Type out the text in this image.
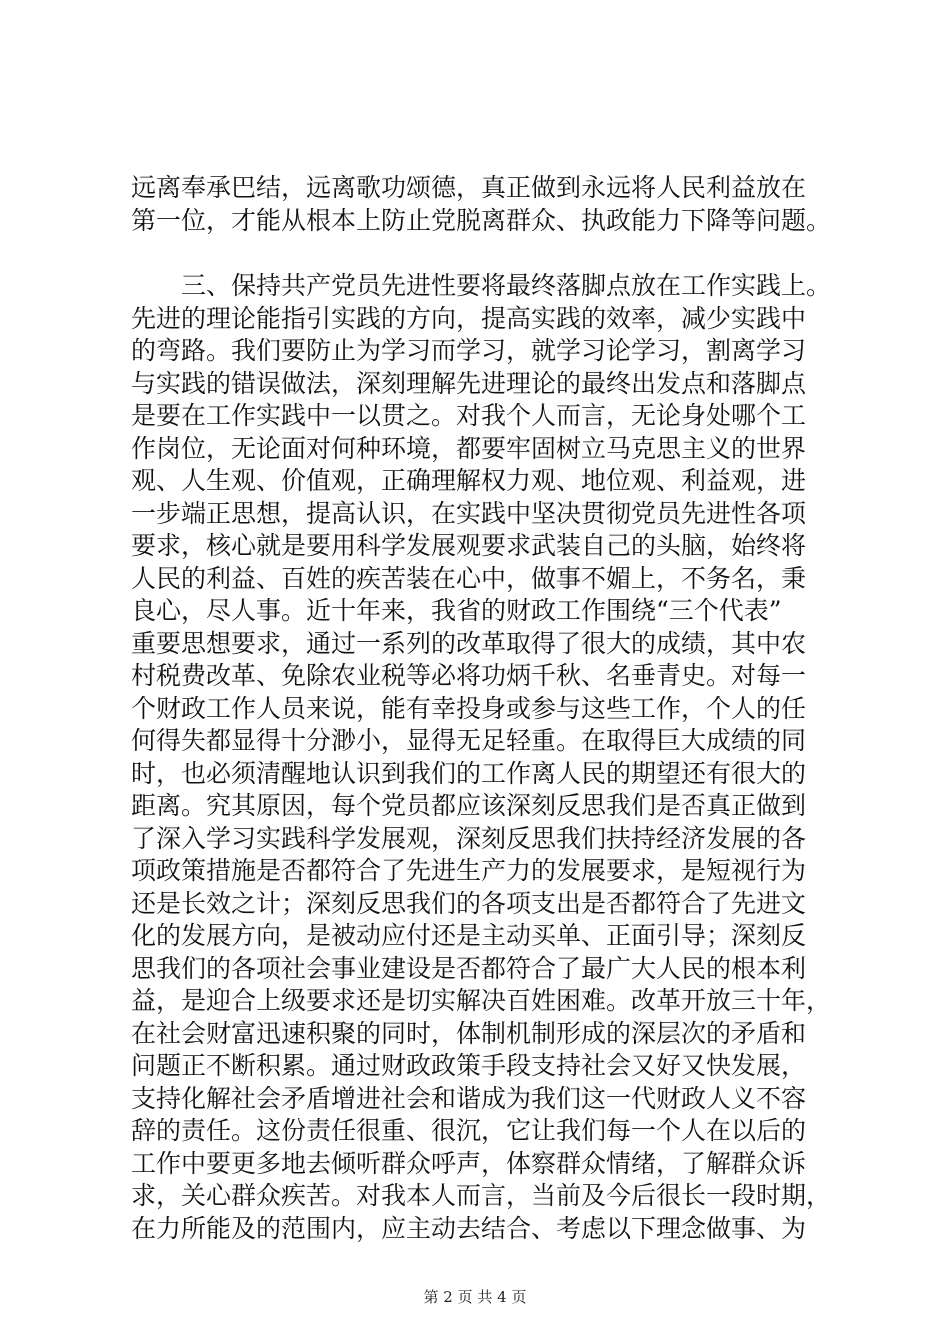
远离奉承巴结，远离歌功颂德，真正做到永远将人民利益放在
第一位，才能从根本上防止党脱离群众、执政能力下降等问题。
　　三、保持共产党员先进性要将最终落脚点放在工作实践上。
先进的理论能指引实践的方向，提高实践的效率，减少实践中
的弯路。我们要防止为学习而学习，就学习论学习，割离学习
与实践的错误做法，深刻理解先进理论的最终出发点和落脚点
是要在工作实践中一以贯之。对我个人而言，无论身处哪个工
作岗位，无论面对何种环境，都要牢固树立马克思主义的世界
观、人生观、价值观，正确理解权力观、地位观、利益观，进
一步端正思想，提高认识，在实践中坚决贯彻党员先进性各项
要求，核心就是要用科学发展观要求武装自己的头脑，始终将
人民的利益、百姓的疾苦装在心中，做事不媚上，不务名，秉
良心，尽人事。近十年来，我省的财政工作围绕“三个代表”
重要思想要求，通过一系列的改革取得了很大的成绩，其中农
村税费改革、免除农业税等必将功炳千秋、名垂青史。对每一
个财政工作人员来说，能有幸投身或参与这些工作，个人的任
何得失都显得十分渺小，显得无足轻重。在取得巨大成绩的同
时，也必须清醒地认识到我们的工作离人民的期望还有很大的
距离。究其原因，每个党员都应该深刻反思我们是否真正做到
了深入学习实践科学发展观，深刻反思我们扶持经济发展的各
项政策措施是否都符合了先进生产力的发展要求，是短视行为
还是长效之计；深刻反思我们的各项支出是否都符合了先进文
化的发展方向，是被动应付还是主动买单、正面引导；深刻反
思我们的各项社会事业建设是否都符合了最广大人民的根本利
益，是迎合上级要求还是切实解决百姓困难。改革开放三十年，
在社会财富迅速积聚的同时，体制机制形成的深层次的矛盾和
问题正不断积累。通过财政政策手段支持社会又好又快发展，
支持化解社会矛盾增进社会和谐成为我们这一代财政人义不容
辞的责任。这份责任很重、很沉，它让我们每一个人在以后的
工作中要更多地去倾听群众呼声，体察群众情绪，了解群众诉
求，关心群众疾苦。对我本人而言，当前及今后很长一段时期，
在力所能及的范围内，应主动去结合、考虑以下理念做事、为
第 2 页 共 4 页
